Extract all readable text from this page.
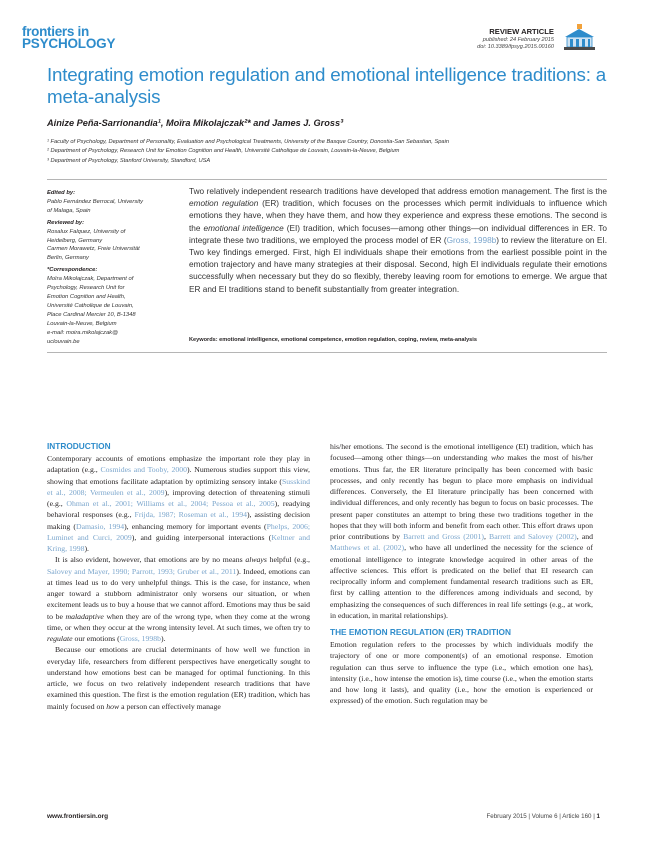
frontiers in
PSYCHOLOGY
REVIEW ARTICLE
published: 24 February 2015
doi: 10.3389/fpsyg.2015.00160
Integrating emotion regulation and emotional intelligence traditions: a meta-analysis
Ainize Peña-Sarrionandia¹, Moïra Mikolajczak²* and James J. Gross³
¹ Faculty of Psychology, Department of Personality, Evaluation and Psychological Treatments, University of the Basque Country, Donostia-San Sebastian, Spain
² Department of Psychology, Research Unit for Emotion Cognition and Health, Université Catholique de Louvain, Louvain-la-Neuve, Belgium
³ Department of Psychology, Stanford University, Standford, USA
Edited by:
Pablo Fernández Berrocal, University
of Malaga, Spain
Reviewed by:
Rosalux Falquez, University of
Heidelberg, Germany
Carmen Morawetz, Freie Universität
Berlin, Germany
*Correspondence:
Moïra Mikolajczak, Department of
Psychology, Research Unit for
Emotion Cognition and Health,
Université Catholique de Louvain,
Place Cardinal Mercier 10, B-1348
Louvain-la-Neuve, Belgium
e-mail: moira.mikolajczak@
uclouvain.be
Two relatively independent research traditions have developed that address emotion management. The first is the emotion regulation (ER) tradition, which focuses on the processes which permit individuals to influence which emotions they have, when they have them, and how they experience and express these emotions. The second is the emotional intelligence (EI) tradition, which focuses—among other things—on individual differences in ER. To integrate these two traditions, we employed the process model of ER (Gross, 1998b) to review the literature on EI. Two key findings emerged. First, high EI individuals shape their emotions from the earliest possible point in the emotion trajectory and have many strategies at their disposal. Second, high EI individuals regulate their emotions successfully when necessary but they do so flexibly, thereby leaving room for emotions to emerge. We argue that ER and EI traditions stand to benefit substantially from greater integration.
Keywords: emotional intelligence, emotional competence, emotion regulation, coping, review, meta-analysis
INTRODUCTION

Contemporary accounts of emotions emphasize the important role they play in adaptation (e.g., Cosmides and Tooby, 2000). Numerous studies support this view, showing that emotions facilitate adaptation by optimizing sensory intake (Susskind et al., 2008; Vermeulen et al., 2009), improving detection of threatening stimuli (e.g., Ohman et al., 2001; Williams et al., 2004; Pessoa et al., 2005), readying behavioral responses (e.g., Frijda, 1987; Roseman et al., 1994), assisting decision making (Damasio, 1994), enhancing memory for important events (Phelps, 2006; Luminet and Curci, 2009), and guiding interpersonal interactions (Keltner and Kring, 1998).

It is also evident, however, that emotions are by no means always helpful (e.g., Salovey and Mayer, 1990; Parrott, 1993; Gruber et al., 2011). Indeed, emotions can at times lead us to do very unhelpful things. This is the case, for instance, when anger toward a stubborn administrator only worsens our situation, or when excitement leads us to buy a house that we cannot afford. Emotions may thus be said to be maladaptive when they are of the wrong type, when they come at the wrong time, or when they occur at the wrong intensity level. At such times, we often try to regulate our emotions (Gross, 1998b).

Because our emotions are crucial determinants of how well we function in everyday life, researchers from different perspectives have energetically sought to understand how emotions best can be managed for optimal functioning. In this article, we focus on two relatively independent research traditions that have examined this question. The first is the emotion regulation (ER) tradition, which has mainly focused on how a person can effectively manage

his/her emotions. The second is the emotional intelligence (EI) tradition, which has focused—among other things—on understanding who makes the most of his/her emotions. Thus far, the ER literature principally has been concerned with basic processes, and only recently has begun to place more emphasis on individual differences. Conversely, the EI literature principally has been concerned with individual differences, and only recently has begun to focus on basic processes. The present paper constitutes an attempt to bring these two traditions together in the hopes that they will both inform and benefit from each other. This effort draws upon prior contributions by Barrett and Gross (2001), Barrett and Salovey (2002), and Matthews et al. (2002), who have all underlined the necessity for the science of emotional intelligence to integrate knowledge acquired in other areas of the affective sciences. This effort is predicated on the belief that EI research can reciprocally inform and complement fundamental research traditions such as ER, first by calling attention to the differences among individuals and second, by emphasizing the consequences of such differences in real life settings (e.g., at work, in education, in marital relationships).

THE EMOTION REGULATION (ER) TRADITION

Emotion regulation refers to the processes by which individuals modify the trajectory of one or more component(s) of an emotional response. Emotion regulation can thus serve to influence the type (i.e., which emotion one has), intensity (i.e., how intense the emotion is), time course (i.e., when the emotion starts and how long it lasts), and quality (i.e., how the emotion is experienced or expressed) of the emotion. Such regulation may be

www.frontiersin.org	February 2015 | Volume 6 | Article 160 | 1
